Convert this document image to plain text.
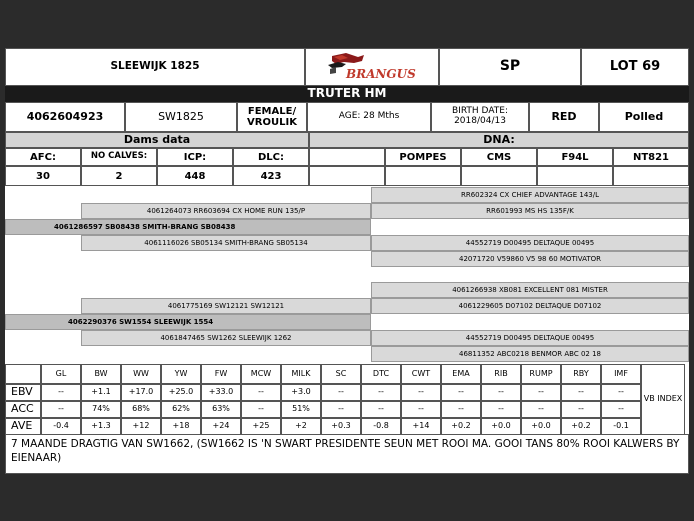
SLEEWIJK 1825
BRANGUS	SP	LOT 69
TRUTER HM
4062604923	SW1825	FEMALE/ VROULIK
AGE: 28 Mths	BIRTH DATE:
2018/04/13	RED	Polled
Dams data	DNA:
AFC:	NO CALVES:	ICP:	DLC:	POMPES	CMS	F94L	NT821
30	2	448	423
RR602324 CX CHIEF ADVANTAGE 143/L
4061264073 RR603694 CX HOME RUN 135/P	RR601993 MS HS 135F/K
4061286597 SB08438 SMITH-BRANG SB08438
4061116026 SB05134 SMITH-BRANG SB05134	44552719 D00495 DELTAQUE 00495
42071720 V59860 V5 98 60 MOTIVATOR
4061266938 XB081 EXCELLENT 081 MISTER
4061775169 SW12121 SW12121	4061229605 D07102 DELTAQUE D07102
4062290376 SW1554 SLEEWIJK 1554
4061847465 SW1262 SLEEWIJK 1262	44552719 D00495 DELTAQUE 00495
46811352 ABC0218 BENMOR ABC 02 18
GL	BW	WW	YW	FW	MCW	MILK	SC	DTC	CWT	EMA	RIB	RUMP	RBY	IMF
VB INDEX
EBV	--	+1.1	+17.0	+25.0	+33.0	--	+3.0	--	--	--	--	--	--	--	--
ACC	--	74%	68%	62%	63%	--	51%	--	--	--	--	--	--	--	--
AVE	-0.4	+1.3	+12	+18	+24	+25	+2	+0.3	-0.8	+14	+0.2	+0.0	+0.0	+0.2	-0.1
7 MAANDE DRAGTIG VAN SW1662, (SW1662 IS 'N SWART PRESIDENTE SEUN MET ROOI MA. GOOI TANS 80% ROOI KALWERS BY EIENAAR)
